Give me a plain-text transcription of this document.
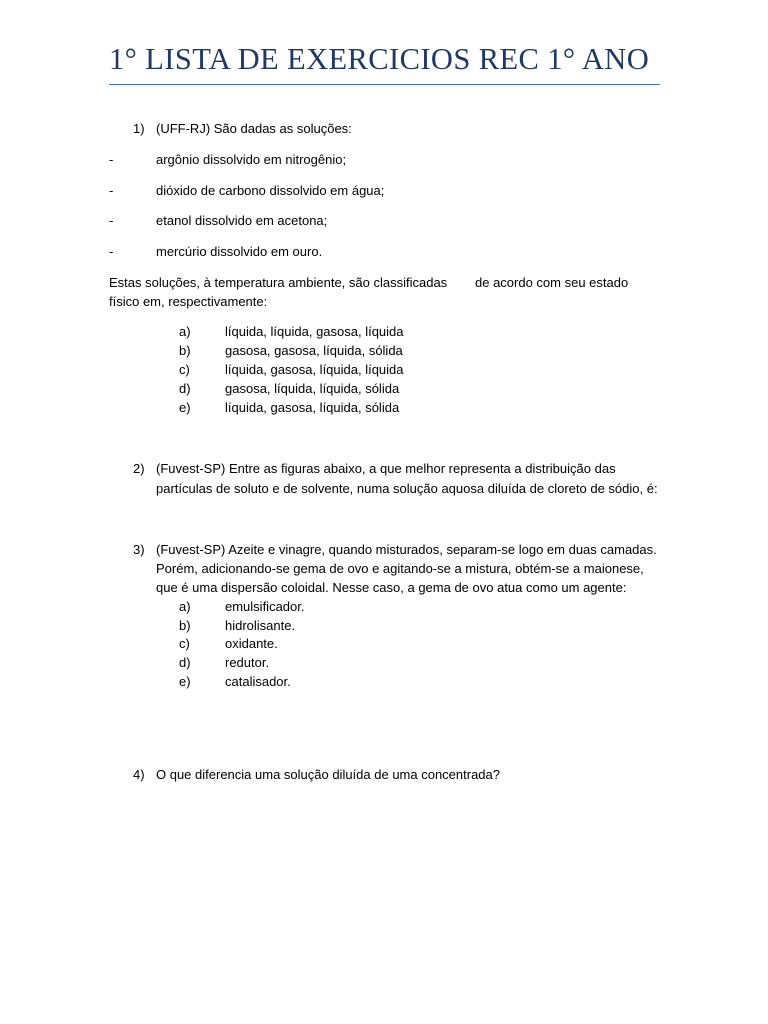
1° LISTA DE EXERCICIOS REC 1° ANO
1) (UFF-RJ) São dadas as soluções:
-	argônio dissolvido em nitrogênio;
-	dióxido de carbono dissolvido em água;
-	etanol dissolvido em acetona;
-	mercúrio dissolvido em ouro.
Estas soluções, à temperatura ambiente, são classificadas de acordo com seu estado
físico em, respectivamente:
a)	líquida, líquida, gasosa, líquida
b)	gasosa, gasosa, líquida, sólida
c)	líquida, gasosa, líquida, líquida
d)	gasosa, líquida, líquida, sólida
e)	líquida, gasosa, líquida, sólida
2) (Fuvest-SP) Entre as figuras abaixo, a que melhor representa a distribuição das
partículas de soluto e de solvente, numa solução aquosa diluída de cloreto de sódio, é:
3) (Fuvest-SP) Azeite e vinagre, quando misturados, separam-se logo em duas camadas.
Porém, adicionando-se gema de ovo e agitando-se a mistura, obtém-se a maionese,
que é uma dispersão coloidal. Nesse caso, a gema de ovo atua como um agente:
a)	emulsificador.
b)	hidrolisante.
c)	oxidante.
d)	redutor.
e)	catalisador.
4) O que diferencia uma solução diluída de uma concentrada?
